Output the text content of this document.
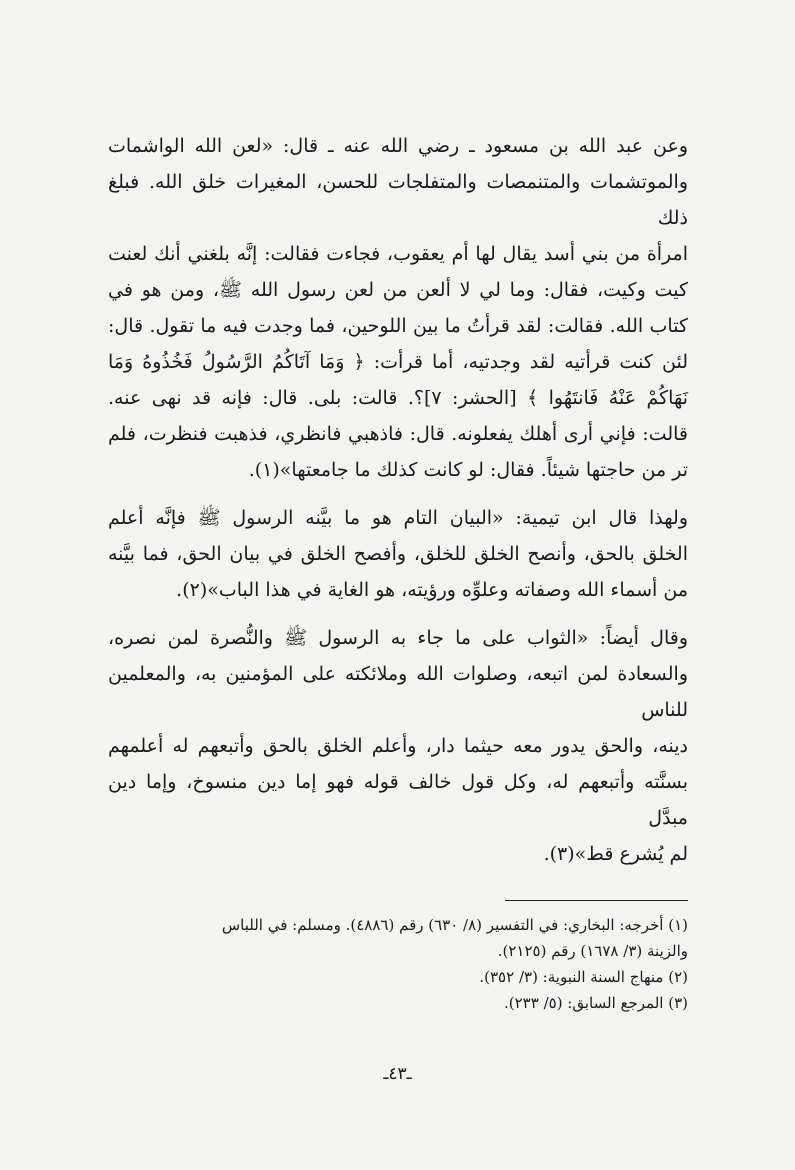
وعن عبد الله بن مسعود ـ رضي الله عنه ـ قال: «لعن الله الواشمات
والموتشمات والمتنمصات والمتفلجات للحسن، المغيرات خلق الله. فبلغ ذلك
امرأة من بني أسد يقال لها أم يعقوب، فجاءت فقالت: إنَّه بلغني أنك لعنت
كيت وكيت، فقال: وما لي لا ألعن من لعن رسول الله ﷺ، ومن هو في
كتاب الله. فقالت: لقد قرأتُ ما بين اللوحين، فما وجدت فيه ما تقول. قال:
لئن كنت قرأتيه لقد وجدتيه، أما قرأت: ﴿ وَمَا آتَاكُمُ الرَّسُولُ فَخُذُوهُ وَمَا
نَهَاكُمْ عَنْهُ فَانتَهُوا ﴾ [الحشر: ٧]؟. قالت: بلى. قال: فإنه قد نهى عنه.
قالت: فإني أرى أهلك يفعلونه. قال: فاذهبي فانظري، فذهبت فنظرت، فلم
تر من حاجتها شيئاً. فقال: لو كانت كذلك ما جامعتها»(١).

ولهذا قال ابن تيمية: «البيان التام هو ما بيَّنه الرسول ﷺ فإنَّه أعلم
الخلق بالحق، وأنصح الخلق للخلق، وأفصح الخلق في بيان الحق، فما بيَّنه
من أسماء الله وصفاته وعلوِّه ورؤيته، هو الغاية في هذا الباب»(٢).

وقال أيضاً: «الثواب على ما جاء به الرسول ﷺ والنُّصرة لمن نصره،
والسعادة لمن اتبعه، وصلوات الله وملائكته على المؤمنين به، والمعلمين للناس
دينه، والحق يدور معه حيثما دار، وأعلم الخلق بالحق وأتبعهم له أعلمهم
بسنَّته وأتبعهم له، وكل قول خالف قوله فهو إما دين منسوخ، وإما دين مبدَّل
لم يُشرع قط»(٣).

(١) أخرجه: البخاري: في التفسير (٨/ ٦٣٠) رقم (٤٨٨٦). ومسلم: في اللباس
والزينة (٣/ ١٦٧٨) رقم (٢١٢٥).
(٢) منهاج السنة النبوية: (٣/ ٣٥٢).
(٣) المرجع السابق: (٥/ ٢٣٣).
ـ٤٣ـ
